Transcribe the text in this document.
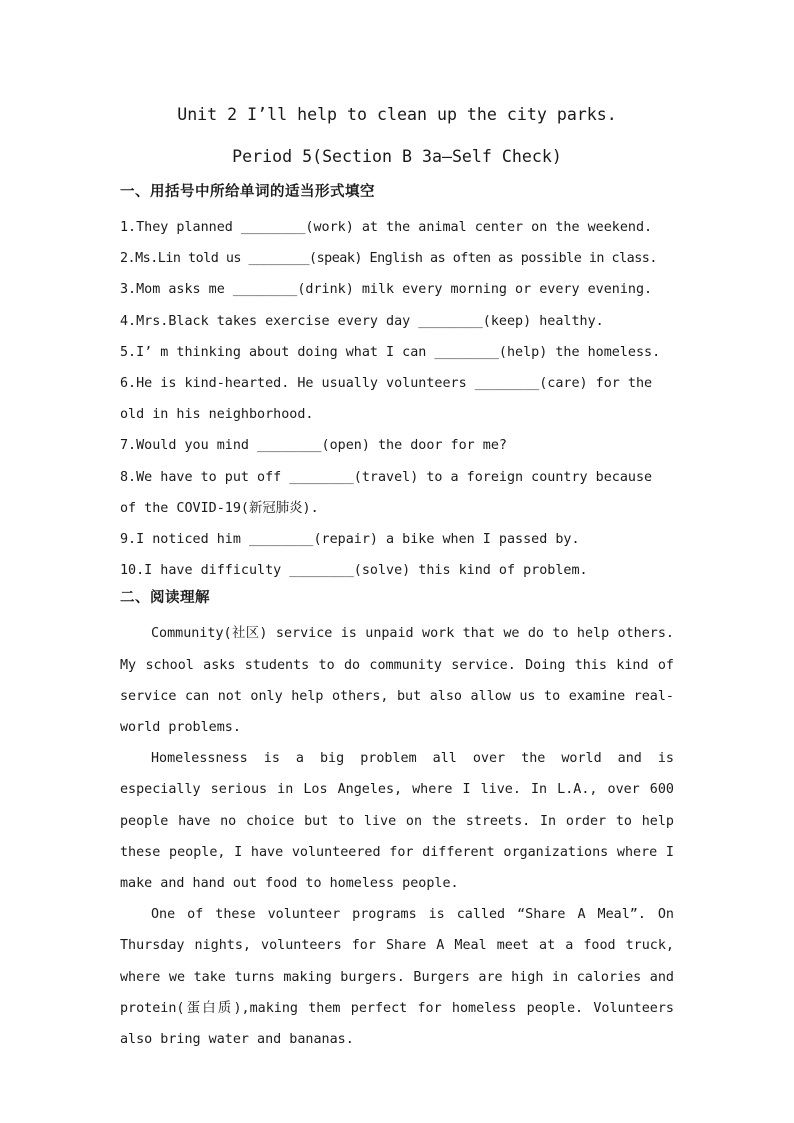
Unit 2 I’ll help to clean up the city parks.
Period 5(Section B 3a—Self Check)
一、用括号中所给单词的适当形式填空
1.They planned ________(work) at the animal center on the weekend.
2.Ms.Lin told us ________(speak) English as often as possible in class.
3.Mom asks me ________(drink) milk every morning or every evening.
4.Mrs.Black takes exercise every day ________(keep) healthy.
5.I’ m thinking about doing what I can ________(help) the homeless.
6.He is kind-hearted. He usually volunteers ________(care) for the old in his neighborhood.
7.Would you mind ________(open) the door for me?
8.We have to put off ________(travel) to a foreign country because of the COVID-19(新冠肺炎).
9.I noticed him ________(repair) a bike when I passed by.
10.I have difficulty ________(solve) this kind of problem.
二、阅读理解
Community(社区) service is unpaid work that we do to help others. My school asks students to do community service. Doing this kind of service can not only help others, but also allow us to examine real-world problems.
Homelessness is a big problem all over the world and is especially serious in Los Angeles, where I live. In L.A., over 600 people have no choice but to live on the streets. In order to help these people, I have volunteered for different organizations where I make and hand out food to homeless people.
One of these volunteer programs is called “Share A Meal”. On Thursday nights, volunteers for Share A Meal meet at a food truck, where we take turns making burgers. Burgers are high in calories and protein(蛋白质),making them perfect for homeless people. Volunteers also bring water and bananas.
